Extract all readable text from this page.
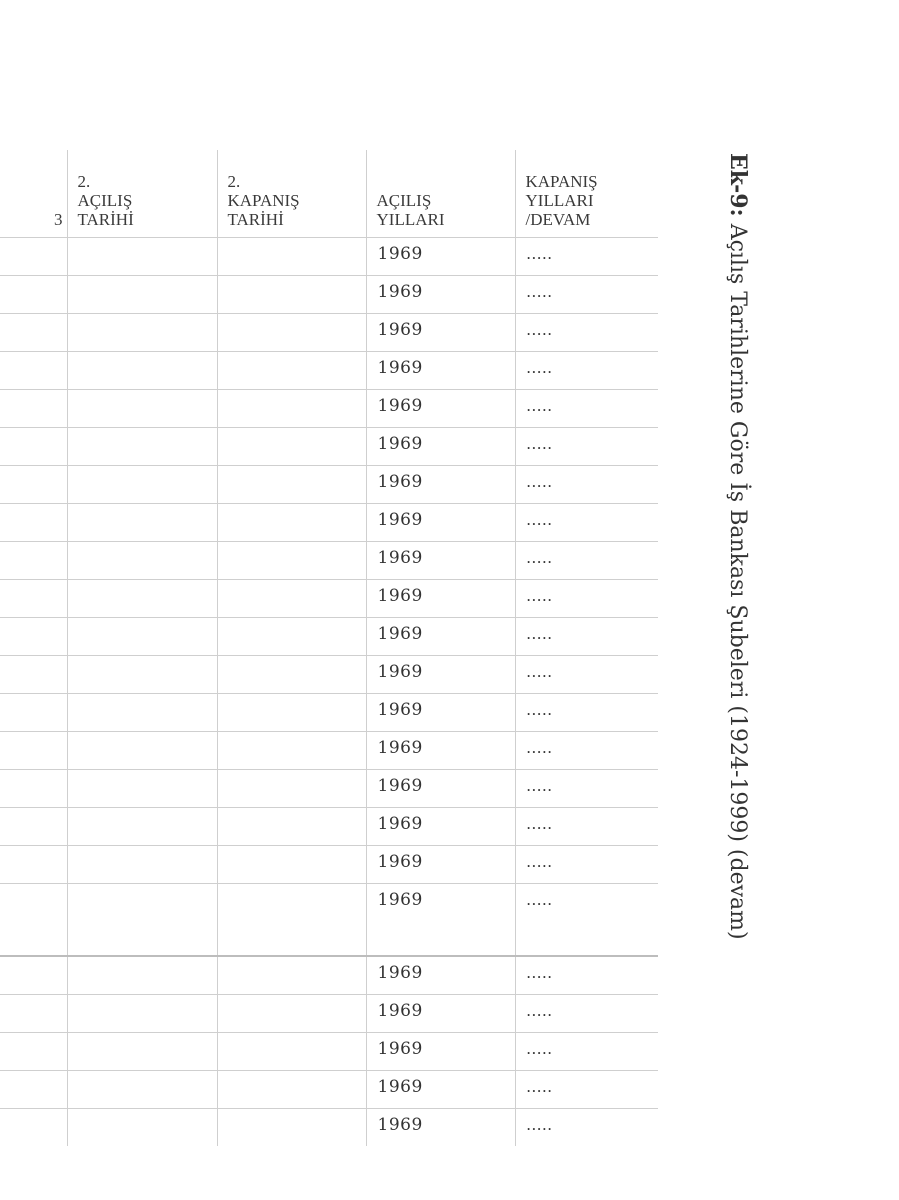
3	2.
AÇILIŞ
TARİHİ	2.
KAPANIŞ
TARİHİ	AÇILIŞ
YILLARI	KAPANIŞ
YILLARI
/DEVAM
			1969	.....
			1969	.....
			1969	.....
			1969	.....
			1969	.....
			1969	.....
			1969	.....
			1969	.....
			1969	.....
			1969	.....
			1969	.....
			1969	.....
			1969	.....
			1969	.....
			1969	.....
			1969	.....
			1969	.....
			1969	.....
			1969	.....
			1969	.....
			1969	.....
			1969	.....
			1969	.....
Ek-9: Açılış Tarihlerine Göre İş Bankası Şubeleri (1924-1999) (devam)
